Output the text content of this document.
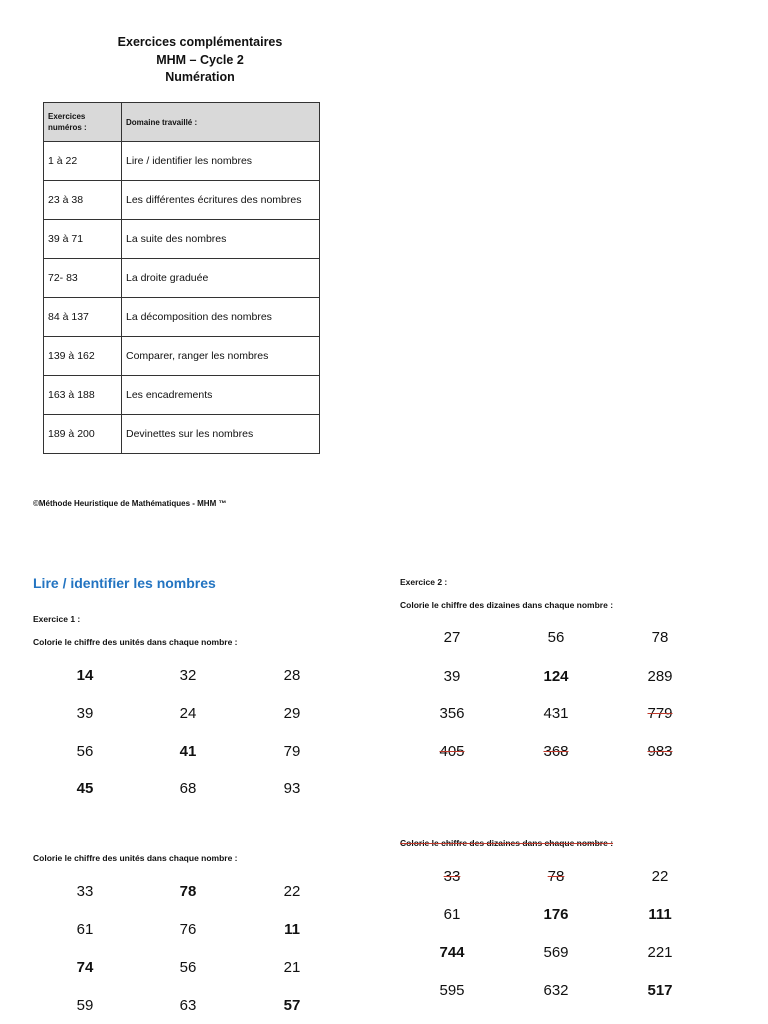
Exercices complémentaires
MHM – Cycle 2
Numération
Exercices numéros :	Domaine travaillé :
1 à 22	Lire / identifier les nombres
23 à 38	Les différentes écritures des nombres
39 à 71	La suite des nombres
72- 83	La droite graduée
84 à 137	La décomposition des nombres
139 à 162	Comparer, ranger les nombres
163 à 188	Les encadrements
189 à 200	Devinettes sur les nombres
©Méthode Heuristique de Mathématiques - MHM ™
Lire / identifier les nombres
Exercice 1 :
Colorie le chiffre des unités dans chaque nombre :
14	32	28
39	24	29
56	41	79
45	68	93
Colorie le chiffre des unités dans chaque nombre :
33	78	22
61	76	11
74	56	21
59	63	57
Exercice 2 :
Colorie le chiffre des dizaines dans chaque nombre :
27	56	78
39	124	289
356	431	779
405	368	983
Colorie le chiffre des dizaines dans chaque nombre :
33	78	22
61	176	111
744	569	221
595	632	517
